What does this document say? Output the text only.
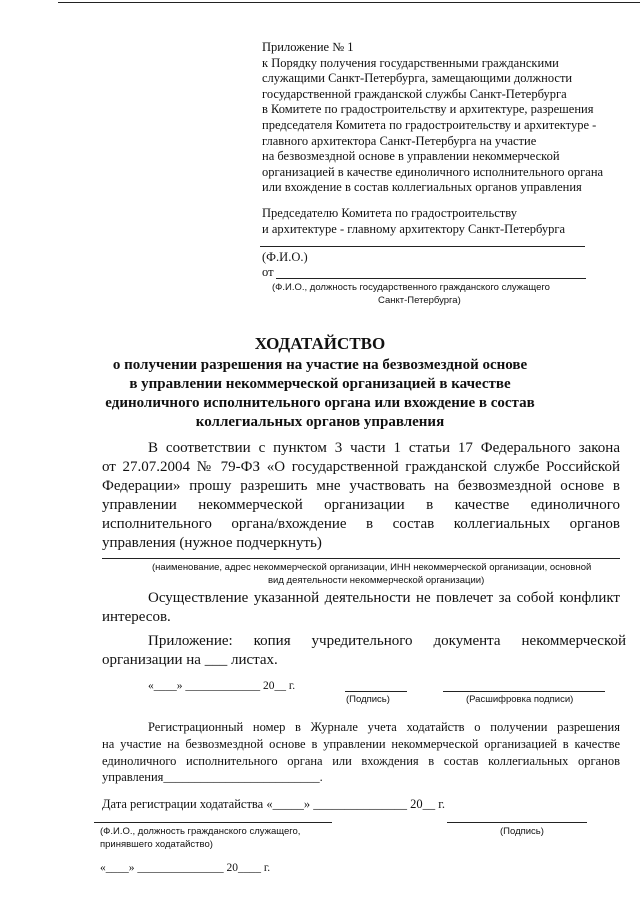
Приложение № 1
к Порядку получения государственными гражданскими
служащими Санкт-Петербурга, замещающими должности
государственной гражданской службы Санкт-Петербурга
в Комитете по градостроительству и архитектуре, разрешения
председателя Комитета по градостроительству и архитектуре -
главного архитектора Санкт-Петербурга на участие
на безвозмездной основе в управлении некоммерческой
организацией в качестве единоличного исполнительного органа
или вхождение в состав коллегиальных органов управления
Председателю Комитета по градостроительству
и архитектуре - главному архитектору Санкт-Петербурга
(Ф.И.О.)
от
(Ф.И.О., должность государственного гражданского служащего
Санкт-Петербурга)
ХОДАТАЙСТВО
о получении разрешения на участие на безвозмездной основе
в управлении некоммерческой организацией в качестве
единоличного исполнительного органа или вхождение в состав
коллегиальных органов управления
В соответствии с пунктом 3 части 1 статьи 17 Федерального закона
от 27.07.2004 № 79-ФЗ «О государственной гражданской службе Российской
Федерации» прошу разрешить мне участвовать на безвозмездной основе в
управлении некоммерческой организации в качестве единоличного
исполнительного органа/вхождение в состав коллегиальных органов
управления (нужное подчеркнуть)
(наименование, адрес некоммерческой организации, ИНН некоммерческой организации, основной
вид деятельности некоммерческой организации)
Осуществление указанной деятельности не повлечет за собой конфликт
интересов.
Приложение: копия учредительного документа некоммерческой
организации на ___ листах.
«____» _____________ 20__ г.
(Подпись)	(Расшифровка подписи)
Регистрационный номер в Журнале учета ходатайств о получении разрешения
на участие на безвозмездной основе в управлении некоммерческой организацией в качестве
единоличного исполнительного органа или вхождения в состав коллегиальных органов
управления_________________________.
Дата регистрации ходатайства «_____» _______________ 20__ г.
(Ф.И.О., должность гражданского служащего,
принявшего ходатайство)
(Подпись)
«____» _______________ 20____ г.
